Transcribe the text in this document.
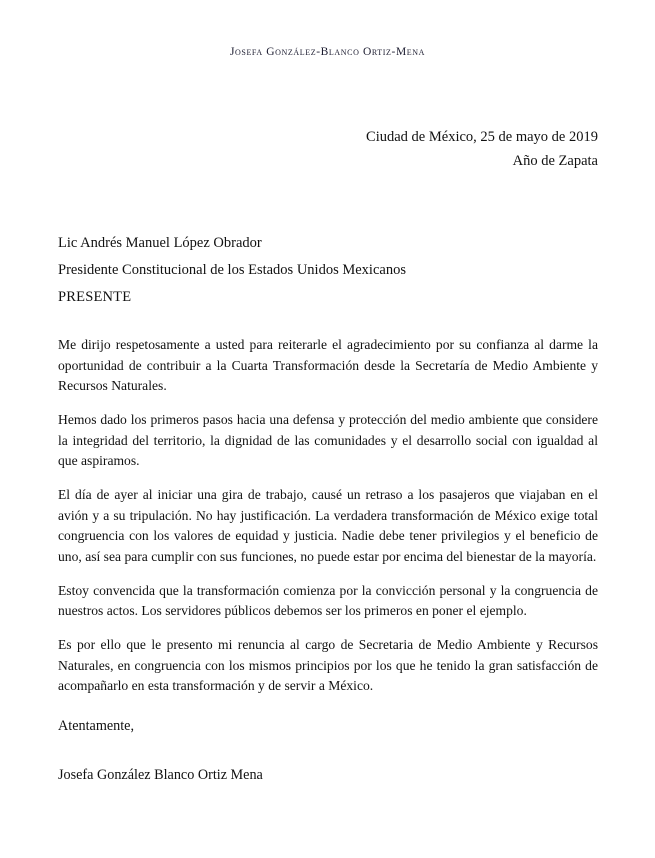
Josefa González-Blanco Ortiz-Mena
Ciudad de México, 25 de mayo de 2019
Año de Zapata
Lic Andrés Manuel López Obrador
Presidente Constitucional de los Estados Unidos Mexicanos
PRESENTE

Me dirijo respetosamente a usted para reiterarle el agradecimiento por su confianza al darme la oportunidad de contribuir a la Cuarta Transformación desde la Secretaría de Medio Ambiente y Recursos Naturales.

Hemos dado los primeros pasos hacia una defensa y protección del medio ambiente que considere la integridad del territorio, la dignidad de las comunidades y el desarrollo social con igualdad al que aspiramos.

El día de ayer al iniciar una gira de trabajo, causé un retraso a los pasajeros que viajaban en el avión y a su tripulación. No hay justificación. La verdadera transformación de México exige total congruencia con los valores de equidad y justicia. Nadie debe tener privilegios y el beneficio de uno, así sea para cumplir con sus funciones, no puede estar por encima del bienestar de la mayoría.

Estoy convencida que la transformación comienza por la convicción personal y la congruencia de nuestros actos. Los servidores públicos debemos ser los primeros en poner el ejemplo.

Es por ello que le presento mi renuncia al cargo de Secretaria de Medio Ambiente y Recursos Naturales, en congruencia con los mismos principios por los que he tenido la gran satisfacción de acompañarlo en esta transformación y de servir a México.

Atentamente,
Josefa González Blanco Ortiz Mena
